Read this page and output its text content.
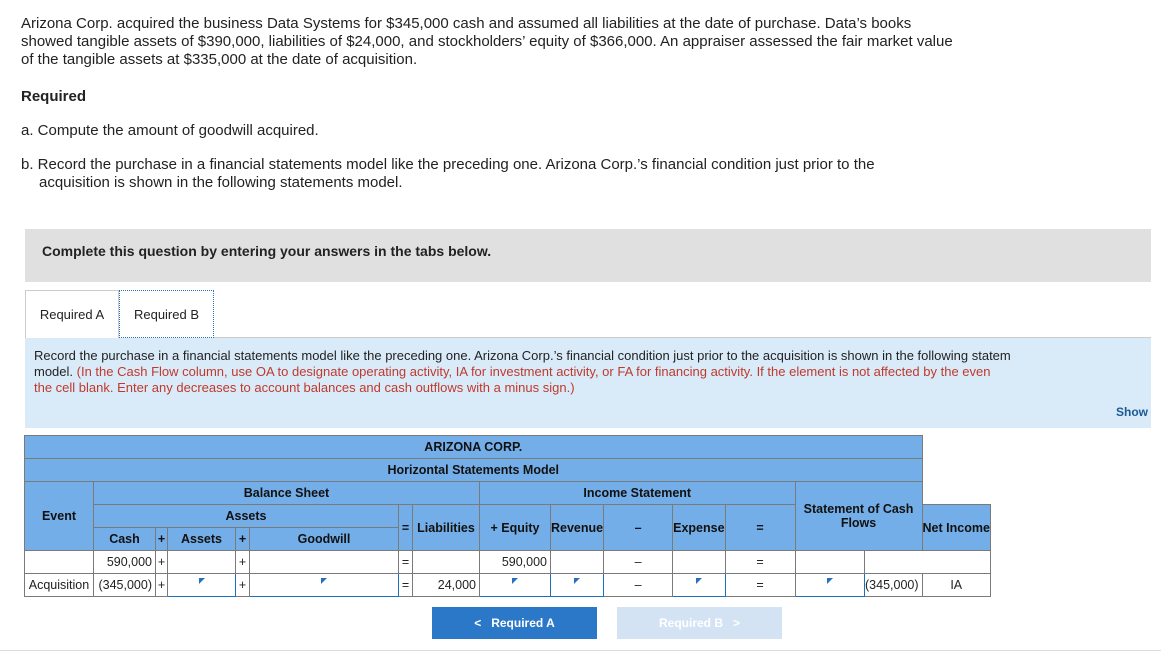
Arizona Corp. acquired the business Data Systems for $345,000 cash and assumed all liabilities at the date of purchase. Data’s books showed tangible assets of $390,000, liabilities of $24,000, and stockholders’ equity of $366,000. An appraiser assessed the fair market value of the tangible assets at $335,000 at the date of acquisition.
Required
a. Compute the amount of goodwill acquired.
b. Record the purchase in a financial statements model like the preceding one. Arizona Corp.’s financial condition just prior to the
acquisition is shown in the following statements model.
Complete this question by entering your answers in the tabs below.
Required A	Required B
Record the purchase in a financial statements model like the preceding one. Arizona Corp.’s financial condition just prior to the acquisition is shown in the following statem
model. (In the Cash Flow column, use OA to designate operating activity, IA for investment activity, or FA for financing activity. If the element is not affected by the even
the cell blank. Enter any decreases to account balances and cash outflows with a minus sign.)
Show
ARIZONA CORP.															
Horizontal Statements Model															
Event	Balance Sheet							Income Statement					Statement of Cash Flows		
	Assets					=	Liabilities	+ Equity	Revenue	–	Expense	=			Net Income
	Cash	+	Assets	+	Goodwill										
	590,000	+		+		=		590,000		–		=			
Acquisition	(345,000)	+		+		=	24,000			–		=		(345,000)	IA
<   Required A	Required B   >
